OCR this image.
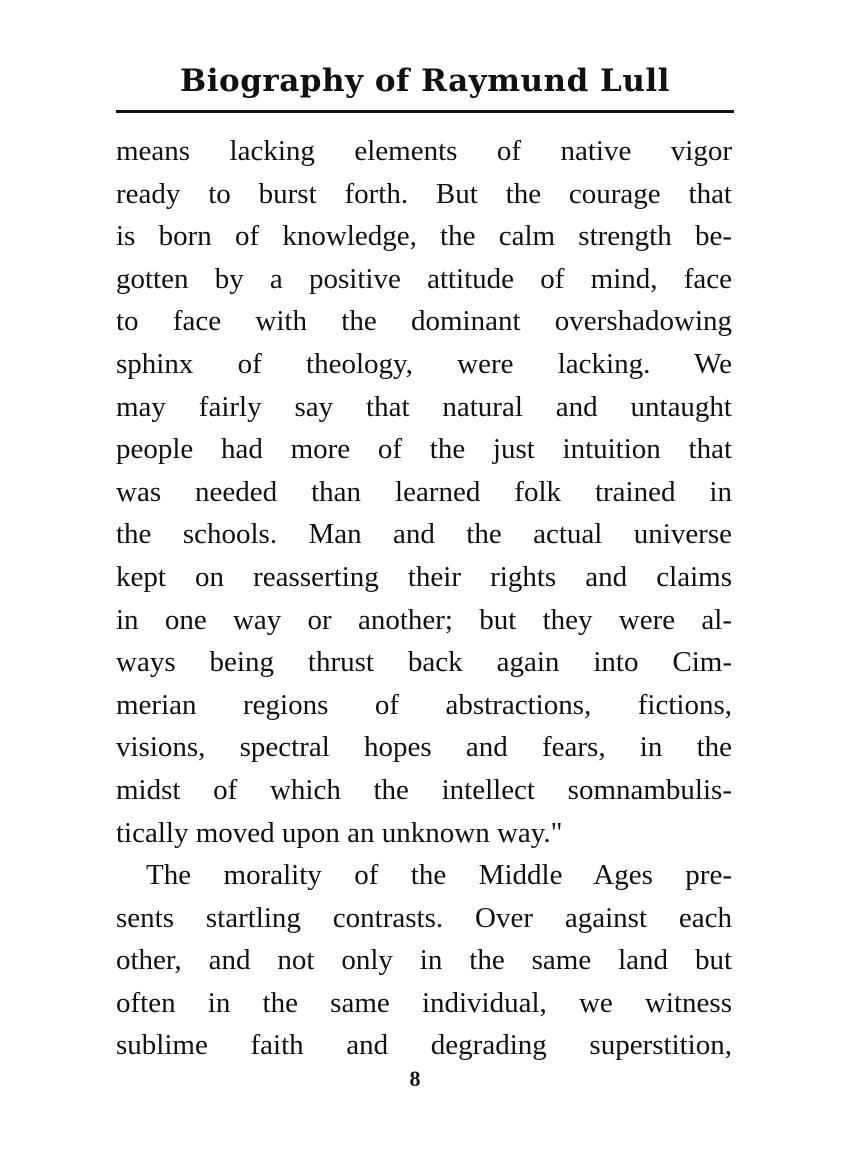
Biography of Raymund Lull
means lacking elements of native vigor
ready to burst forth. But the courage that
is born of knowledge, the calm strength be-
gotten by a positive attitude of mind, face
to face with the dominant overshadowing
sphinx of theology, were lacking. We
may fairly say that natural and untaught
people had more of the just intuition that
was needed than learned folk trained in
the schools. Man and the actual universe
kept on reasserting their rights and claims
in one way or another; but they were al-
ways being thrust back again into Cim-
merian regions of abstractions, fictions,
visions, spectral hopes and fears, in the
midst of which the intellect somnambulis-
tically moved upon an unknown way."
The morality of the Middle Ages pre-
sents startling contrasts. Over against each
other, and not only in the same land but
often in the same individual, we witness
sublime faith and degrading superstition,
8
